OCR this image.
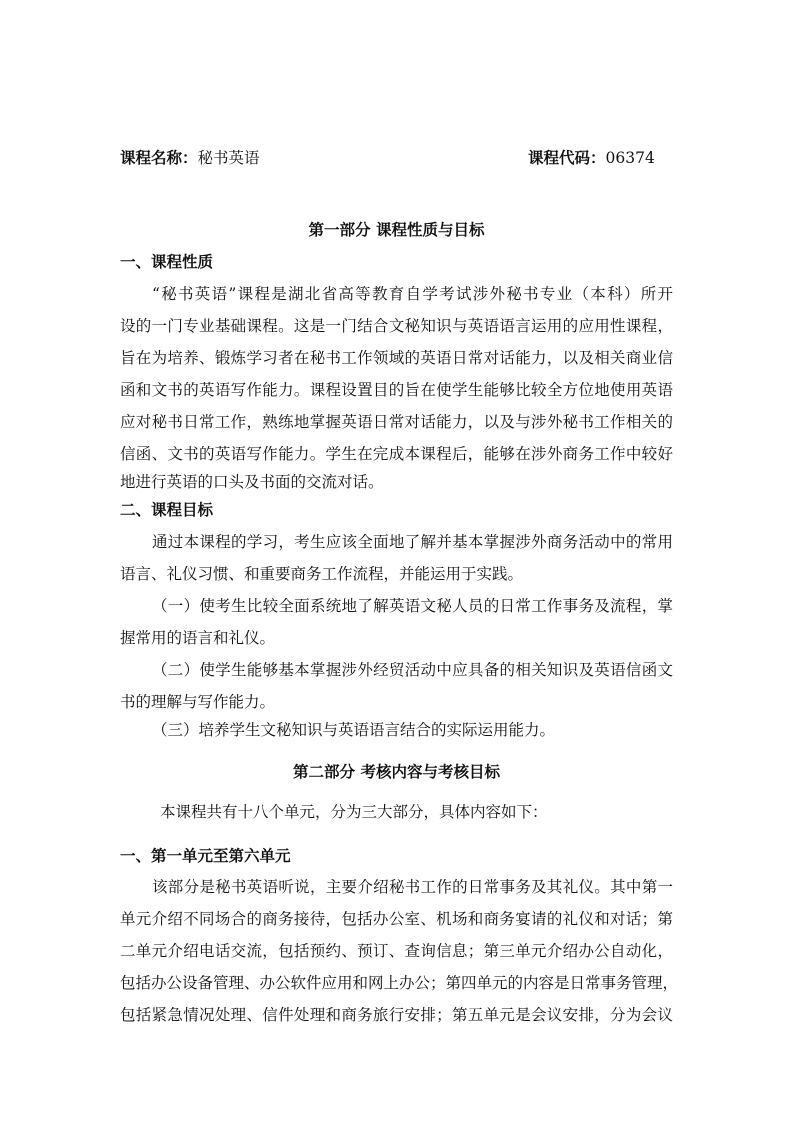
课程名称：秘书英语	课程代码：06374
第一部分 课程性质与目标
一、课程性质
“秘书英语”课程是湖北省高等教育自学考试涉外秘书专业（本科）所开
设的一门专业基础课程。这是一门结合文秘知识与英语语言运用的应用性课程，
旨在为培养、锻炼学习者在秘书工作领域的英语日常对话能力，以及相关商业信
函和文书的英语写作能力。课程设置目的旨在使学生能够比较全方位地使用英语
应对秘书日常工作，熟练地掌握英语日常对话能力，以及与涉外秘书工作相关的
信函、文书的英语写作能力。学生在完成本课程后，能够在涉外商务工作中较好
地进行英语的口头及书面的交流对话。
二、课程目标
通过本课程的学习，考生应该全面地了解并基本掌握涉外商务活动中的常用
语言、礼仪习惯、和重要商务工作流程，并能运用于实践。
（一）使考生比较全面系统地了解英语文秘人员的日常工作事务及流程，掌
握常用的语言和礼仪。
（二）使学生能够基本掌握涉外经贸活动中应具备的相关知识及英语信函文
书的理解与写作能力。
（三）培养学生文秘知识与英语语言结合的实际运用能力。
第二部分 考核内容与考核目标
本课程共有十八个单元，分为三大部分，具体内容如下：
一、第一单元至第六单元
该部分是秘书英语听说，主要介绍秘书工作的日常事务及其礼仪。其中第一
单元介绍不同场合的商务接待，包括办公室、机场和商务宴请的礼仪和对话；第
二单元介绍电话交流，包括预约、预订、查询信息；第三单元介绍办公自动化，
包括办公设备管理、办公软件应用和网上办公；第四单元的内容是日常事务管理，
包括紧急情况处理、信件处理和商务旅行安排；第五单元是会议安排，分为会议
